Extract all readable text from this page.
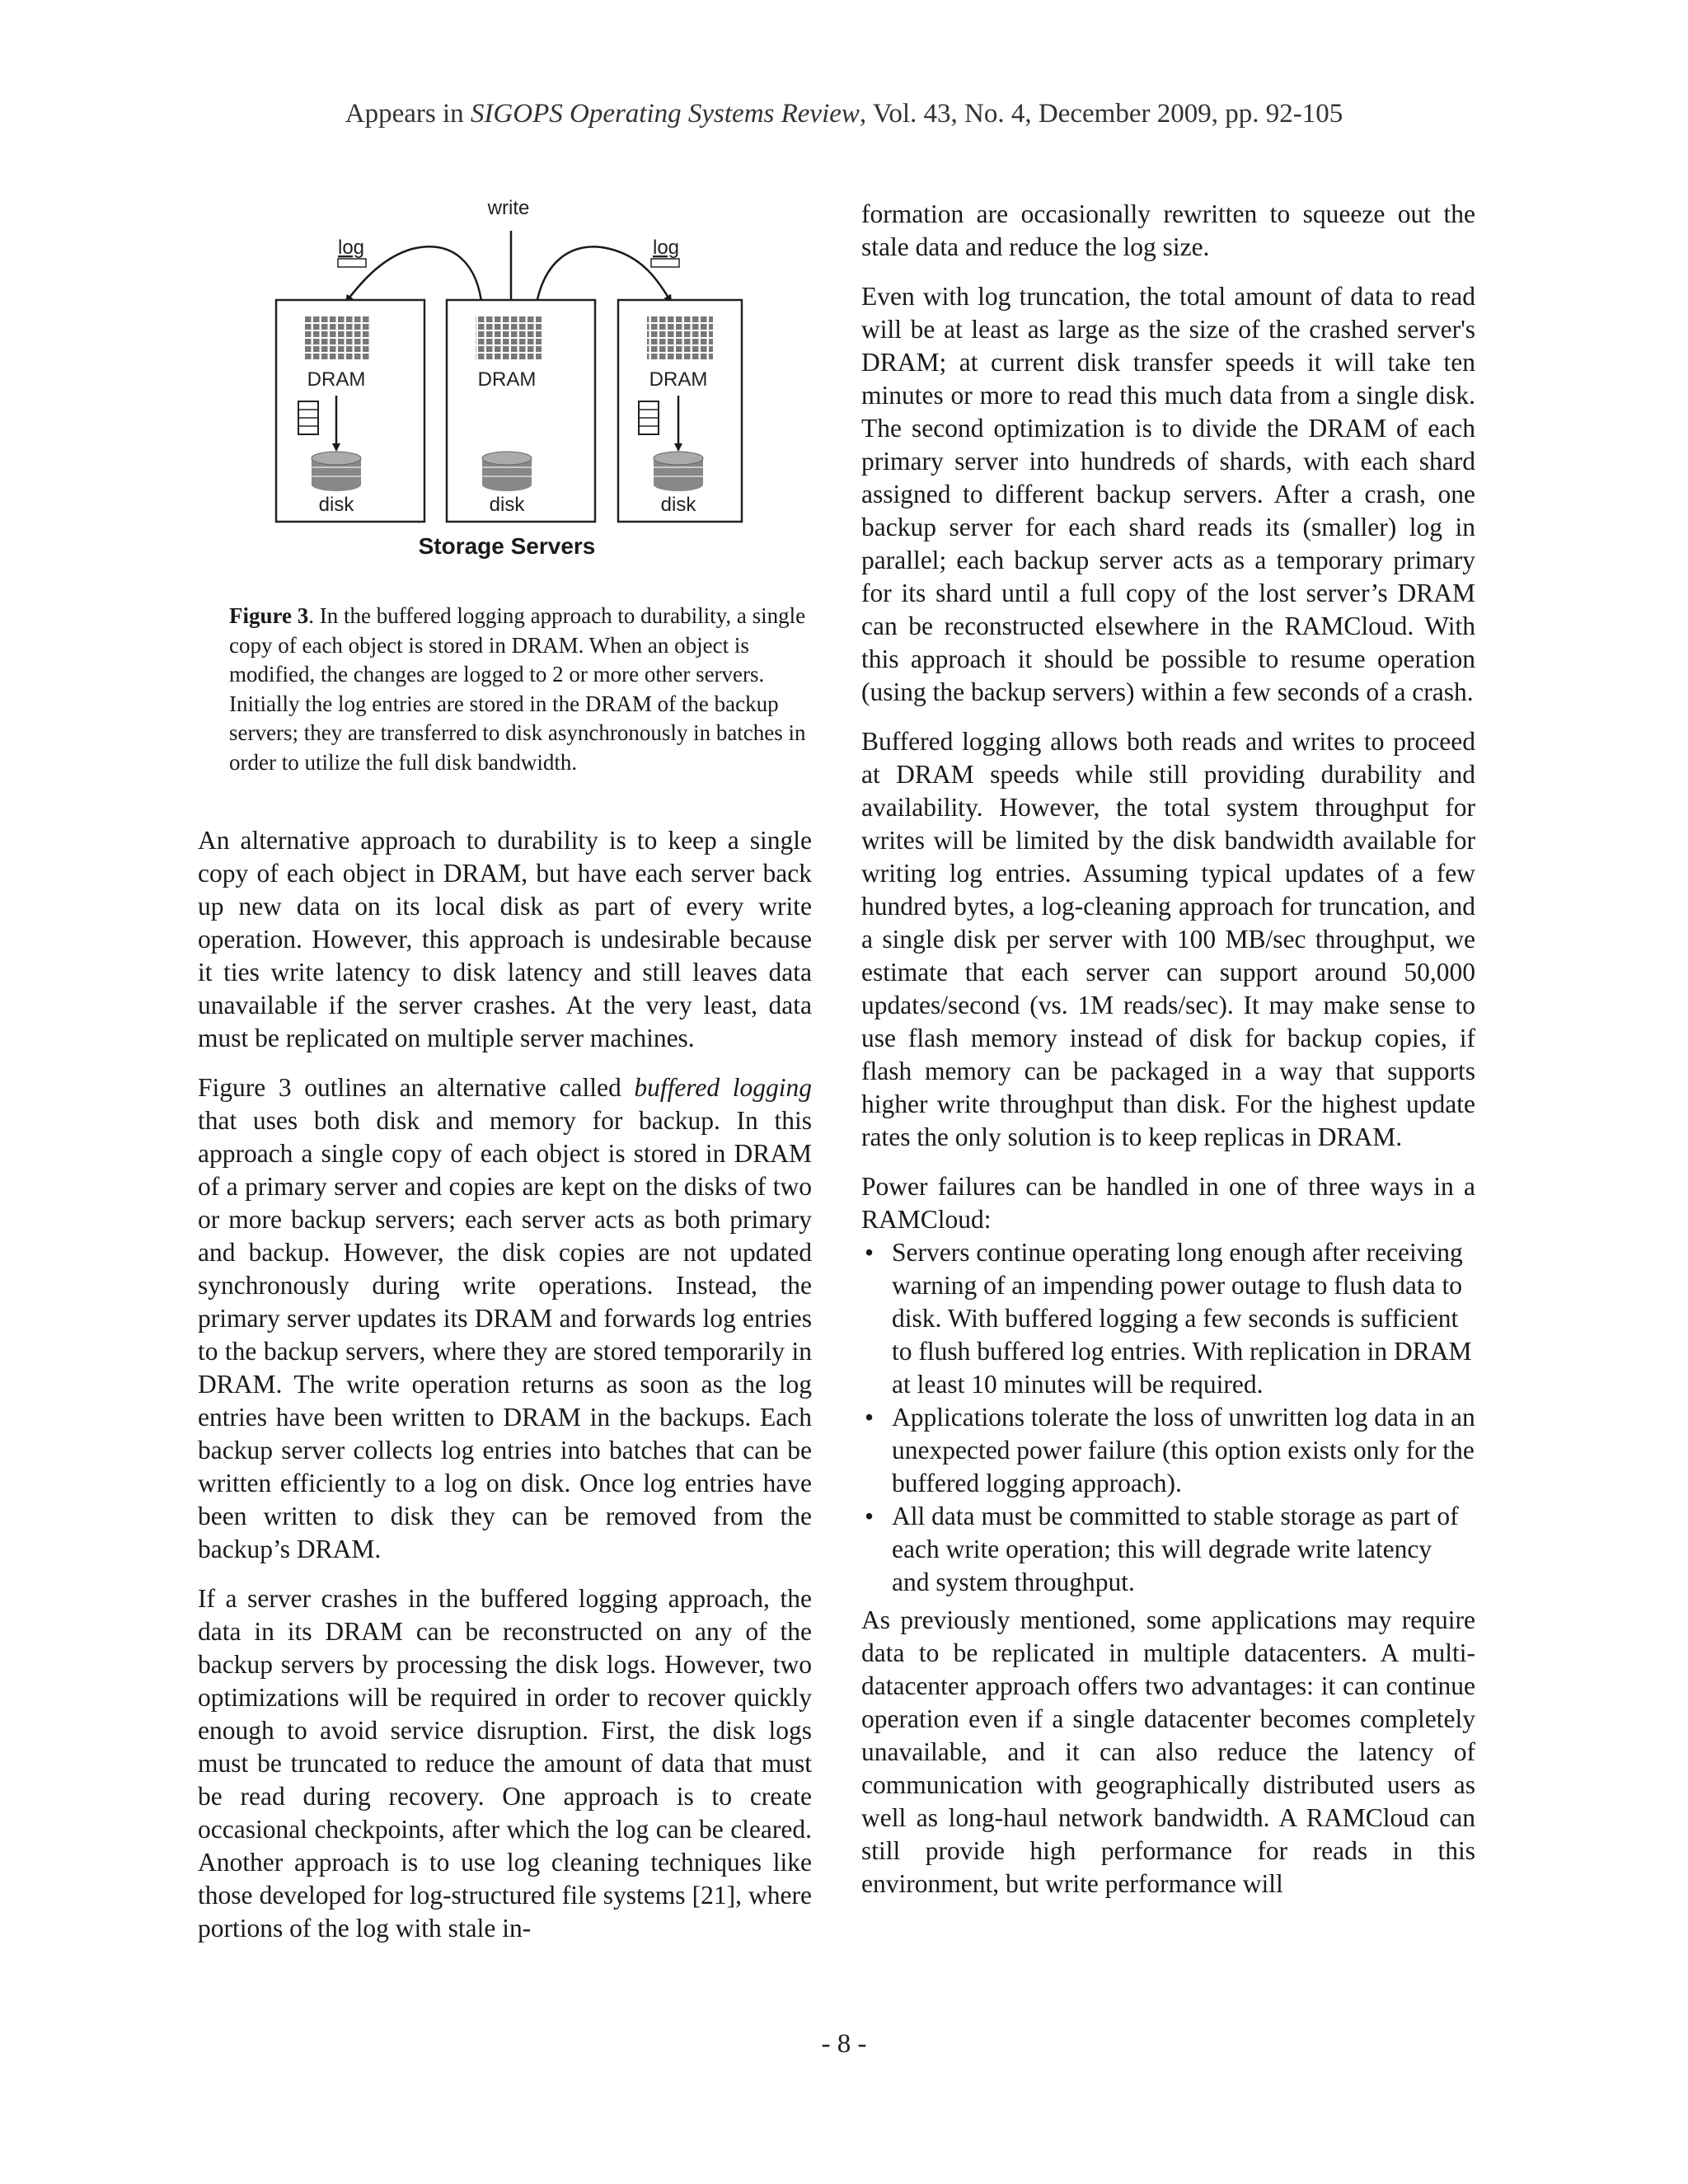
Appears in SIGOPS Operating Systems Review, Vol. 43, No. 4, December 2009, pp. 92-105
write
log	log
DRAM	DRAM	DRAM
disk	disk	disk
Storage Servers
Figure 3. In the buffered logging approach to durability, a single copy of each object is stored in DRAM. When an object is modified, the changes are logged to 2 or more other servers. Initially the log entries are stored in the DRAM of the backup servers; they are transferred to disk asynchronously in batches in order to utilize the full disk bandwidth.

An alternative approach to durability is to keep a single copy of each object in DRAM, but have each server back up new data on its local disk as part of every write operation. However, this approach is undesirable because it ties write latency to disk latency and still leaves data unavailable if the server crashes. At the very least, data must be replicated on multiple server machines.

Figure 3 outlines an alternative called buffered logging that uses both disk and memory for backup. In this approach a single copy of each object is stored in DRAM of a primary server and copies are kept on the disks of two or more backup servers; each server acts as both primary and backup. However, the disk copies are not updated synchronously during write operations. Instead, the primary server updates its DRAM and forwards log entries to the backup servers, where they are stored temporarily in DRAM. The write operation returns as soon as the log entries have been written to DRAM in the backups. Each backup server collects log entries into batches that can be written efficiently to a log on disk. Once log entries have been written to disk they can be removed from the backup’s DRAM.

If a server crashes in the buffered logging approach, the data in its DRAM can be reconstructed on any of the backup servers by processing the disk logs. However, two optimizations will be required in order to recover quickly enough to avoid service disruption. First, the disk logs must be truncated to reduce the amount of data that must be read during recovery. One approach is to create occasional checkpoints, after which the log can be cleared. Another approach is to use log cleaning techniques like those developed for log-structured file systems [21], where portions of the log with stale in-

formation are occasionally rewritten to squeeze out the stale data and reduce the log size.

Even with log truncation, the total amount of data to read will be at least as large as the size of the crashed server's DRAM; at current disk transfer speeds it will take ten minutes or more to read this much data from a single disk. The second optimization is to divide the DRAM of each primary server into hundreds of shards, with each shard assigned to different backup servers. After a crash, one backup server for each shard reads its (smaller) log in parallel; each backup server acts as a temporary primary for its shard until a full copy of the lost server’s DRAM can be reconstructed elsewhere in the RAMCloud. With this approach it should be possible to resume operation (using the backup servers) within a few seconds of a crash.

Buffered logging allows both reads and writes to proceed at DRAM speeds while still providing durability and availability. However, the total system throughput for writes will be limited by the disk bandwidth available for writing log entries. Assuming typical updates of a few hundred bytes, a log-cleaning approach for truncation, and a single disk per server with 100 MB/sec throughput, we estimate that each server can support around 50,000 updates/second (vs. 1M reads/sec). It may make sense to use flash memory instead of disk for backup copies, if flash memory can be packaged in a way that supports higher write throughput than disk. For the highest update rates the only solution is to keep replicas in DRAM.

Power failures can be handled in one of three ways in a RAMCloud:

• Servers continue operating long enough after receiving warning of an impending power outage to flush data to disk. With buffered logging a few seconds is sufficient to flush buffered log entries. With replication in DRAM at least 10 minutes will be required.
• Applications tolerate the loss of unwritten log data in an unexpected power failure (this option exists only for the buffered logging approach).
• All data must be committed to stable storage as part of each write operation; this will degrade write latency and system throughput.

As previously mentioned, some applications may require data to be replicated in multiple datacenters. A multi-datacenter approach offers two advantages: it can continue operation even if a single datacenter becomes completely unavailable, and it can also reduce the latency of communication with geographically distributed users as well as long-haul network bandwidth. A RAMCloud can still provide high performance for reads in this environment, but write performance will

- 8 -
